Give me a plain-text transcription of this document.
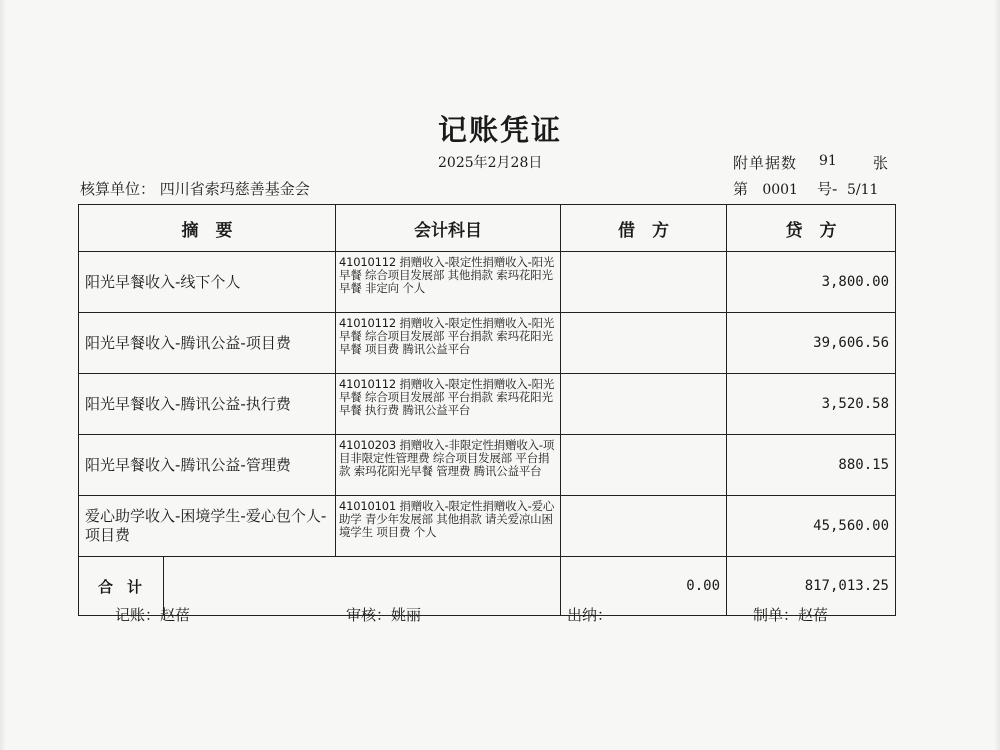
记账凭证
2025年2月28日	附单据数 91	张
核算单位： 四川省索玛慈善基金会	第 0001 号- 5/11
摘　要	会计科目	借　方	贷　方
阳光早餐收入-线下个人	41010112 捐赠收入-限定性捐赠收入-阳光早餐 综合项目发展部 其他捐款 索玛花阳光早餐 非定向 个人		3,800.00
阳光早餐收入-腾讯公益-项目费	41010112 捐赠收入-限定性捐赠收入-阳光早餐 综合项目发展部 平台捐款 索玛花阳光早餐 项目费 腾讯公益平台		39,606.56
阳光早餐收入-腾讯公益-执行费	41010112 捐赠收入-限定性捐赠收入-阳光早餐 综合项目发展部 平台捐款 索玛花阳光早餐 执行费 腾讯公益平台		3,520.58
阳光早餐收入-腾讯公益-管理费	41010203 捐赠收入-非限定性捐赠收入-项目非限定性管理费 综合项目发展部 平台捐款 索玛花阳光早餐 管理费 腾讯公益平台		880.15
爱心助学收入-困境学生-爱心包个人-项目费	41010101 捐赠收入-限定性捐赠收入-爱心助学 青少年发展部 其他捐款 请关爱凉山困境学生 项目费 个人		45,560.00

合计		0.00	817,013.25
记账：赵蓓	审核：姚丽	出纳：	制单：赵蓓
